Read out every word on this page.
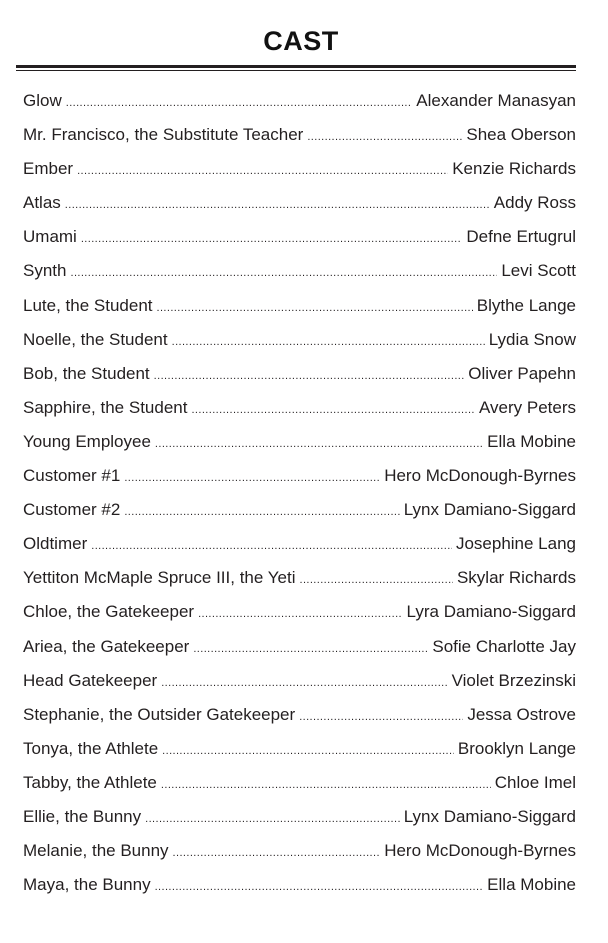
CAST
Glow .....	Alexander Manasyan
Mr. Francisco, the Substitute Teacher .....	Shea Oberson
Ember .....	Kenzie Richards
Atlas .....	Addy Ross
Umami .....	Defne Ertugrul
Synth .....	Levi Scott
Lute, the Student .....	Blythe Lange
Noelle, the Student .....	Lydia Snow
Bob, the Student .....	Oliver Papehn
Sapphire, the Student .....	Avery Peters
Young Employee .....	Ella Mobine
Customer #1 .....	Hero McDonough-Byrnes
Customer #2 .....	Lynx Damiano-Siggard
Oldtimer .....	Josephine Lang
Yettiton McMaple Spruce III, the Yeti .....	Skylar Richards
Chloe, the Gatekeeper .....	Lyra Damiano-Siggard
Ariea, the Gatekeeper .....	Sofie Charlotte Jay
Head Gatekeeper .....	Violet Brzezinski
Stephanie, the Outsider Gatekeeper .....	Jessa Ostrove
Tonya, the Athlete .....	Brooklyn Lange
Tabby, the Athlete .....	Chloe Imel
Ellie, the Bunny .....	Lynx Damiano-Siggard
Melanie, the Bunny .....	Hero McDonough-Byrnes
Maya, the Bunny .....	Ella Mobine
